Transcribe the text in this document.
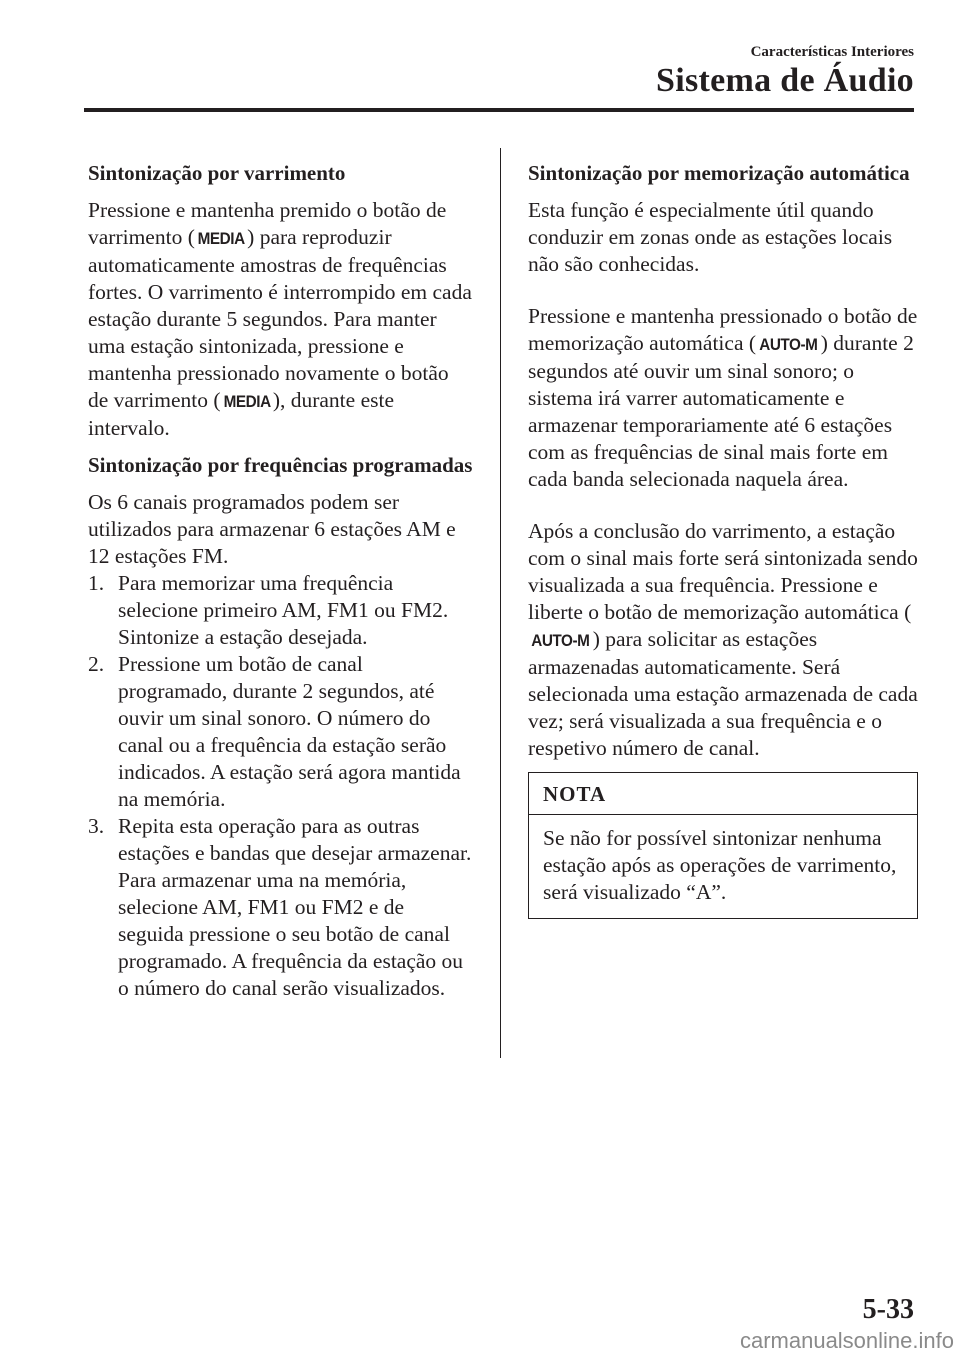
Características Interiores
Sistema de Áudio
Sintonização por varrimento

Pressione e mantenha premido o botão de varrimento ( MEDIA ) para reproduzir automaticamente amostras de frequências fortes. O varrimento é interrompido em cada estação durante 5 segundos. Para manter uma estação sintonizada, pressione e mantenha pressionado novamente o botão de varrimento ( MEDIA ), durante este intervalo.

Sintonização por frequências programadas

Os 6 canais programados podem ser utilizados para armazenar 6 estações AM e 12 estações FM.

1. Para memorizar uma frequência selecione primeiro AM, FM1 ou FM2. Sintonize a estação desejada.
2. Pressione um botão de canal programado, durante 2 segundos, até ouvir um sinal sonoro. O número do canal ou a frequência da estação serão indicados. A estação será agora mantida na memória.
3. Repita esta operação para as outras estações e bandas que desejar armazenar. Para armazenar uma na memória, selecione AM, FM1 ou FM2 e de seguida pressione o seu botão de canal programado. A frequência da estação ou o número do canal serão visualizados.
Sintonização por memorização automática

Esta função é especialmente útil quando conduzir em zonas onde as estações locais não são conhecidas.

Pressione e mantenha pressionado o botão de memorização automática ( AUTO-M ) durante 2 segundos até ouvir um sinal sonoro; o sistema irá varrer automaticamente e armazenar temporariamente até 6 estações com as frequências de sinal mais forte em cada banda selecionada naquela área.

Após a conclusão do varrimento, a estação com o sinal mais forte será sintonizada sendo visualizada a sua frequência. Pressione e liberte o botão de memorização automática (AUTO-M ) para solicitar as estações armazenadas automaticamente. Será selecionada uma estação armazenada de cada vez; será visualizada a sua frequência e o respetivo número de canal.

NOTA
Se não for possível sintonizar nenhuma estação após as operações de varrimento, será visualizado “A”.
5-33
carmanualsonline.info
